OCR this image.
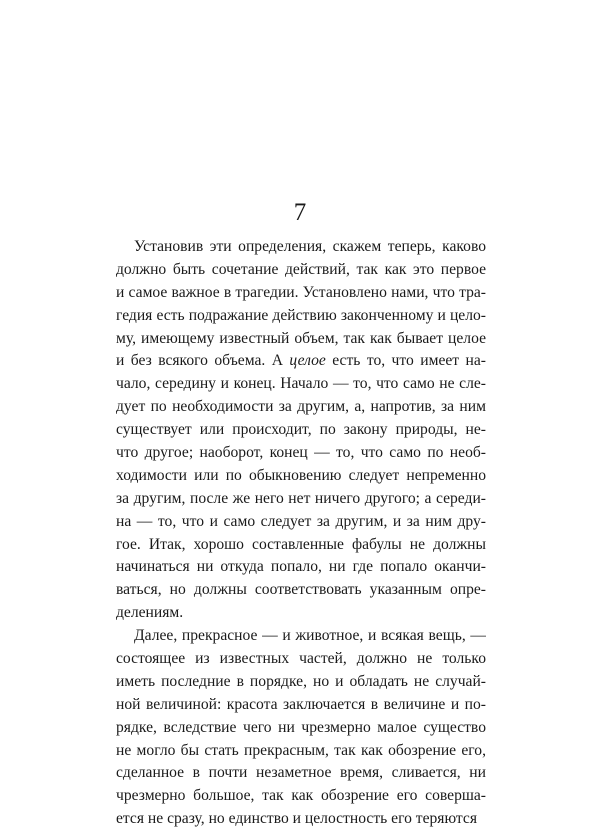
7
Установив эти определения, скажем теперь, каково
должно быть сочетание действий, так как это первое
и самое важное в трагедии. Установлено нами, что тра-
гедия есть подражание действию законченному и цело-
му, имеющему известный объем, так как бывает целое
и без всякого объема. А целое есть то, что имеет на-
чало, середину и конец. Начало — то, что само не сле-
дует по необходимости за другим, а, напротив, за ним
существует или происходит, по закону природы, не-
что другое; наоборот, конец — то, что само по необ-
ходимости или по обыкновению следует непременно
за другим, после же него нет ничего другого; а середи-
на — то, что и само следует за другим, и за ним дру-
гое. Итак, хорошо составленные фабулы не должны
начинаться ни откуда попало, ни где попало оканчи-
ваться, но должны соответствовать указанным опре-
делениям.
Далее, прекрасное — и животное, и всякая вещь, —
состоящее из известных частей, должно не только
иметь последние в порядке, но и обладать не случай-
ной величиной: красота заключается в величине и по-
рядке, вследствие чего ни чрезмерно малое существо
не могло бы стать прекрасным, так как обозрение его,
сделанное в почти незаметное время, сливается, ни
чрезмерно большое, так как обозрение его соверша-
ется не сразу, но единство и целостность его теряются
